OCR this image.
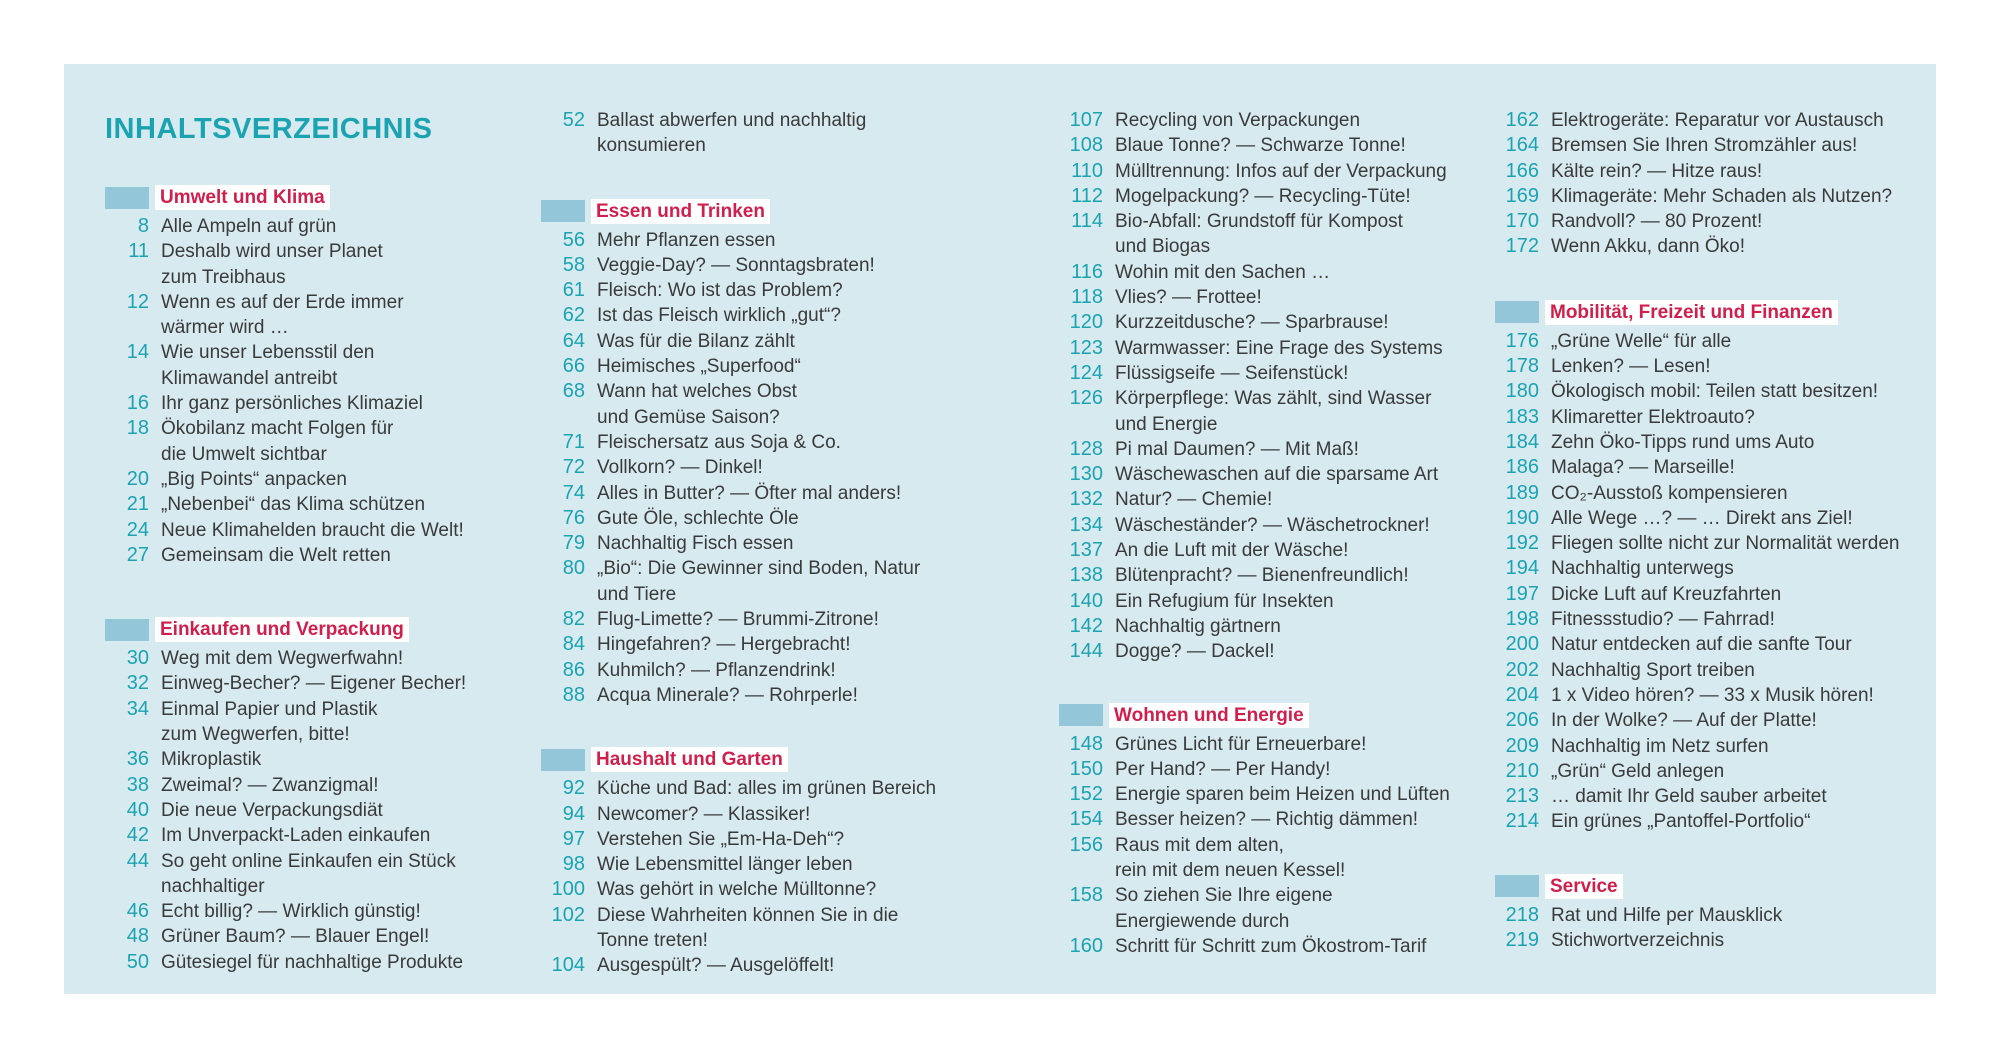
INHALTSVERZEICHNIS
Umwelt und Klima
8 Alle Ampeln auf grün
11 Deshalb wird unser Planet
zum Treibhaus
12 Wenn es auf der Erde immer
wärmer wird …
14 Wie unser Lebensstil den
Klimawandel antreibt
16 Ihr ganz persönliches Klimaziel
18 Ökobilanz macht Folgen für
die Umwelt sichtbar
20 „Big Points“ anpacken
21 „Nebenbei“ das Klima schützen
24 Neue Klimahelden braucht die Welt!
27 Gemeinsam die Welt retten
Einkaufen und Verpackung
30 Weg mit dem Wegwerfwahn!
32 Einweg-Becher? — Eigener Becher!
34 Einmal Papier und Plastik
zum Wegwerfen, bitte!
36 Mikroplastik
38 Zweimal? — Zwanzigmal!
40 Die neue Verpackungsdiät
42 Im Unverpackt-Laden einkaufen
44 So geht online Einkaufen ein Stück
nachhaltiger
46 Echt billig? — Wirklich günstig!
48 Grüner Baum? — Blauer Engel!
50 Gütesiegel für nachhaltige Produkte
52 Ballast abwerfen und nachhaltig
konsumieren
Essen und Trinken
56 Mehr Pflanzen essen
58 Veggie-Day? — Sonntagsbraten!
61 Fleisch: Wo ist das Problem?
62 Ist das Fleisch wirklich „gut“?
64 Was für die Bilanz zählt
66 Heimisches „Superfood“
68 Wann hat welches Obst
und Gemüse Saison?
71 Fleischersatz aus Soja & Co.
72 Vollkorn? — Dinkel!
74 Alles in Butter? — Öfter mal anders!
76 Gute Öle, schlechte Öle
79 Nachhaltig Fisch essen
80 „Bio“: Die Gewinner sind Boden, Natur
und Tiere
82 Flug-Limette? — Brummi-Zitrone!
84 Hingefahren? — Hergebracht!
86 Kuhmilch? — Pflanzendrink!
88 Acqua Minerale? — Rohrperle!
Haushalt und Garten
92 Küche und Bad: alles im grünen Bereich
94 Newcomer? — Klassiker!
97 Verstehen Sie „Em-Ha-Deh“?
98 Wie Lebensmittel länger leben
100 Was gehört in welche Mülltonne?
102 Diese Wahrheiten können Sie in die
Tonne treten!
104 Ausgespült? — Ausgelöffelt!
107 Recycling von Verpackungen
108 Blaue Tonne? — Schwarze Tonne!
110 Mülltrennung: Infos auf der Verpackung
112 Mogelpackung? — Recycling-Tüte!
114 Bio-Abfall: Grundstoff für Kompost
und Biogas
116 Wohin mit den Sachen …
118 Vlies? — Frottee!
120 Kurzzeitdusche? — Sparbrause!
123 Warmwasser: Eine Frage des Systems
124 Flüssigseife — Seifenstück!
126 Körperpflege: Was zählt, sind Wasser
und Energie
128 Pi mal Daumen? — Mit Maß!
130 Wäschewaschen auf die sparsame Art
132 Natur? — Chemie!
134 Wäscheständer? — Wäschetrockner!
137 An die Luft mit der Wäsche!
138 Blütenpracht? — Bienenfreundlich!
140 Ein Refugium für Insekten
142 Nachhaltig gärtnern
144 Dogge? — Dackel!
Wohnen und Energie
148 Grünes Licht für Erneuerbare!
150 Per Hand? — Per Handy!
152 Energie sparen beim Heizen und Lüften
154 Besser heizen? — Richtig dämmen!
156 Raus mit dem alten,
rein mit dem neuen Kessel!
158 So ziehen Sie Ihre eigene
Energiewende durch
160 Schritt für Schritt zum Ökostrom-Tarif
162 Elektrogeräte: Reparatur vor Austausch
164 Bremsen Sie Ihren Stromzähler aus!
166 Kälte rein? — Hitze raus!
169 Klimageräte: Mehr Schaden als Nutzen?
170 Randvoll? — 80 Prozent!
172 Wenn Akku, dann Öko!
Mobilität, Freizeit und Finanzen
176 „Grüne Welle“ für alle
178 Lenken? — Lesen!
180 Ökologisch mobil: Teilen statt besitzen!
183 Klimaretter Elektroauto?
184 Zehn Öko-Tipps rund ums Auto
186 Malaga? — Marseille!
189 CO₂-Ausstoß kompensieren
190 Alle Wege …? — … Direkt ans Ziel!
192 Fliegen sollte nicht zur Normalität werden
194 Nachhaltig unterwegs
197 Dicke Luft auf Kreuzfahrten
198 Fitnessstudio? — Fahrrad!
200 Natur entdecken auf die sanfte Tour
202 Nachhaltig Sport treiben
204 1 x Video hören? — 33 x Musik hören!
206 In der Wolke? — Auf der Platte!
209 Nachhaltig im Netz surfen
210 „Grün“ Geld anlegen
213 … damit Ihr Geld sauber arbeitet
214 Ein grünes „Pantoffel-Portfolio“
Service
218 Rat und Hilfe per Mausklick
219 Stichwortverzeichnis
